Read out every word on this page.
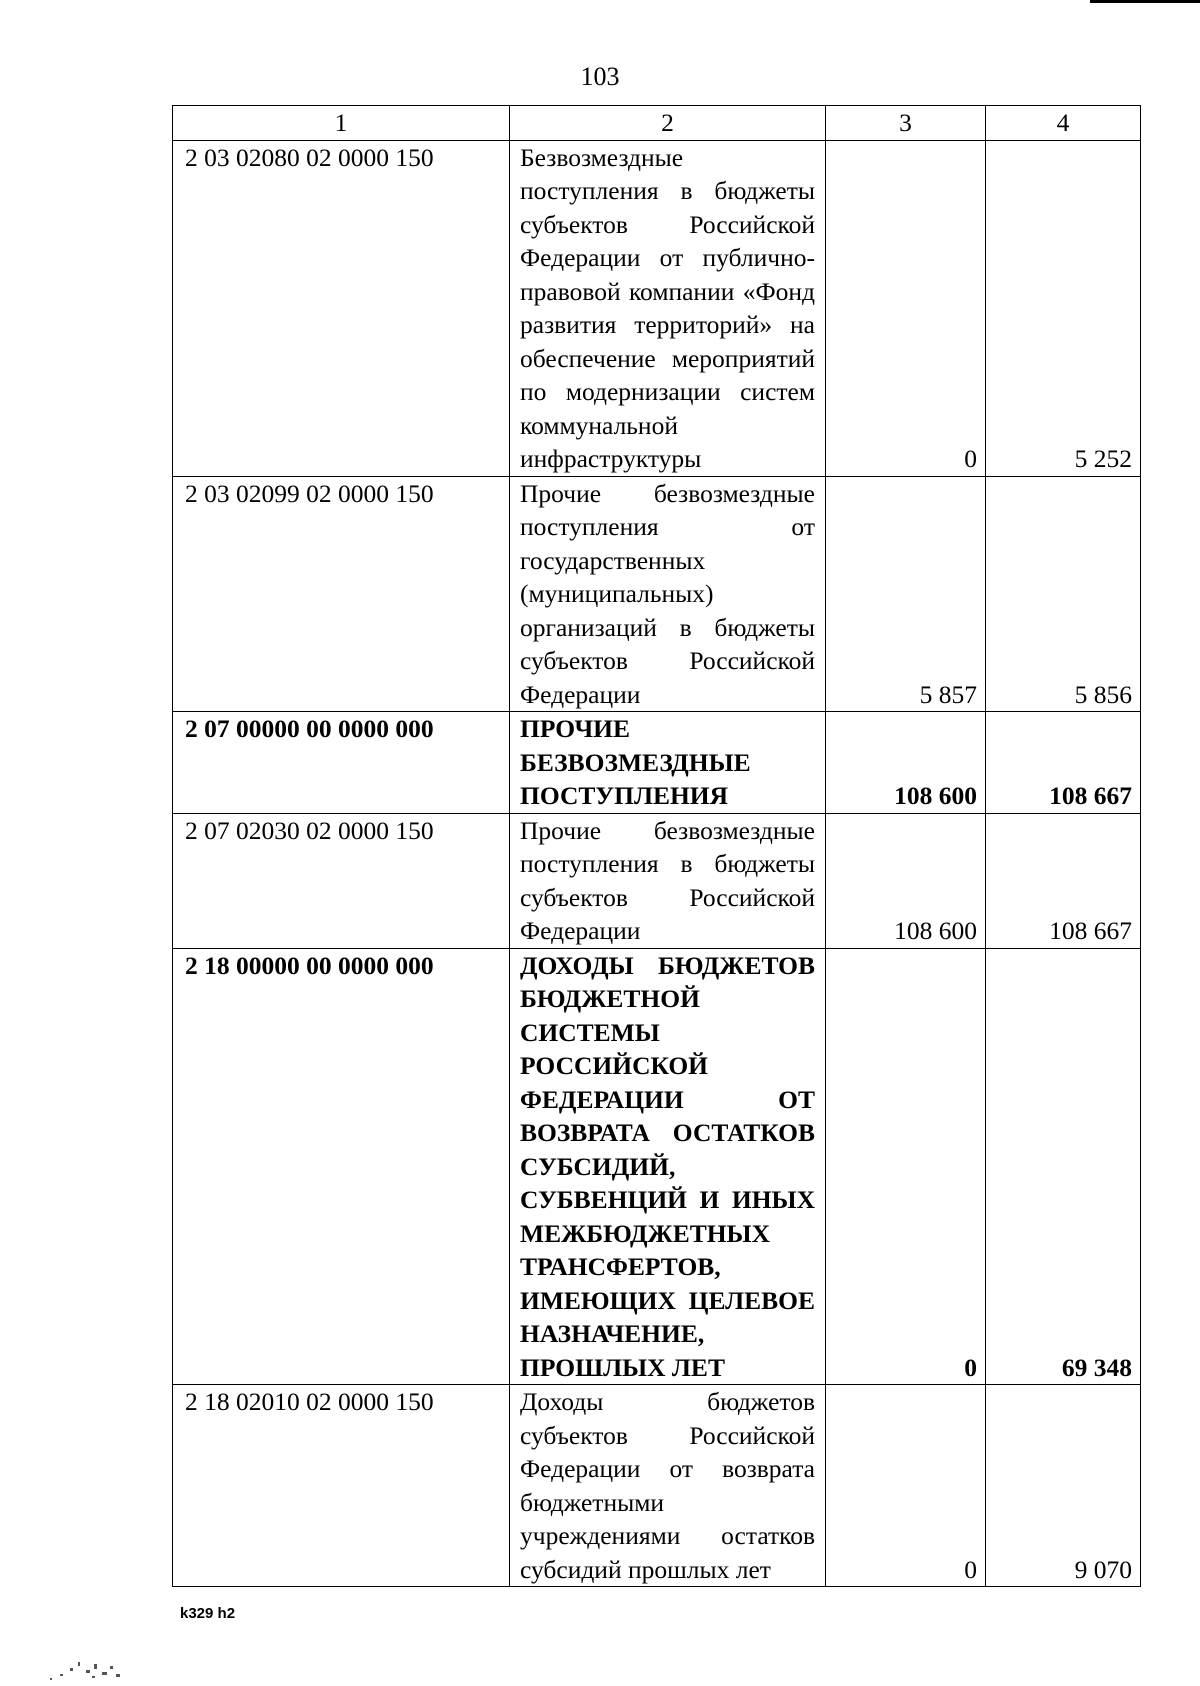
103
1	2	3	4
2 03 02080 02 0000 150	Безвозмездные поступления в бюджеты субъектов Российской Федерации от публично-правовой компании «Фонд развития территорий» на обеспечение мероприятий по модернизации систем коммунальной инфраструктуры	0	5 252
2 03 02099 02 0000 150	Прочие безвозмездные поступления от государственных (муниципальных) организаций в бюджеты субъектов Российской Федерации	5 857	5 856
2 07 00000 00 0000 000	ПРОЧИЕ БЕЗВОЗМЕЗДНЫЕ ПОСТУПЛЕНИЯ	108 600	108 667
2 07 02030 02 0000 150	Прочие безвозмездные поступления в бюджеты субъектов Российской Федерации	108 600	108 667
2 18 00000 00 0000 000	ДОХОДЫ БЮДЖЕТОВ БЮДЖЕТНОЙ СИСТЕМЫ РОССИЙСКОЙ ФЕДЕРАЦИИ ОТ ВОЗВРАТА ОСТАТКОВ СУБСИДИЙ, СУБВЕНЦИЙ И ИНЫХ МЕЖБЮДЖЕТНЫХ ТРАНСФЕРТОВ, ИМЕЮЩИХ ЦЕЛЕВОЕ НАЗНАЧЕНИЕ, ПРОШЛЫХ ЛЕТ	0	69 348
2 18 02010 02 0000 150	Доходы бюджетов субъектов Российской Федерации от возврата бюджетными учреждениями остатков субсидий прошлых лет	0	9 070
k329 h2
